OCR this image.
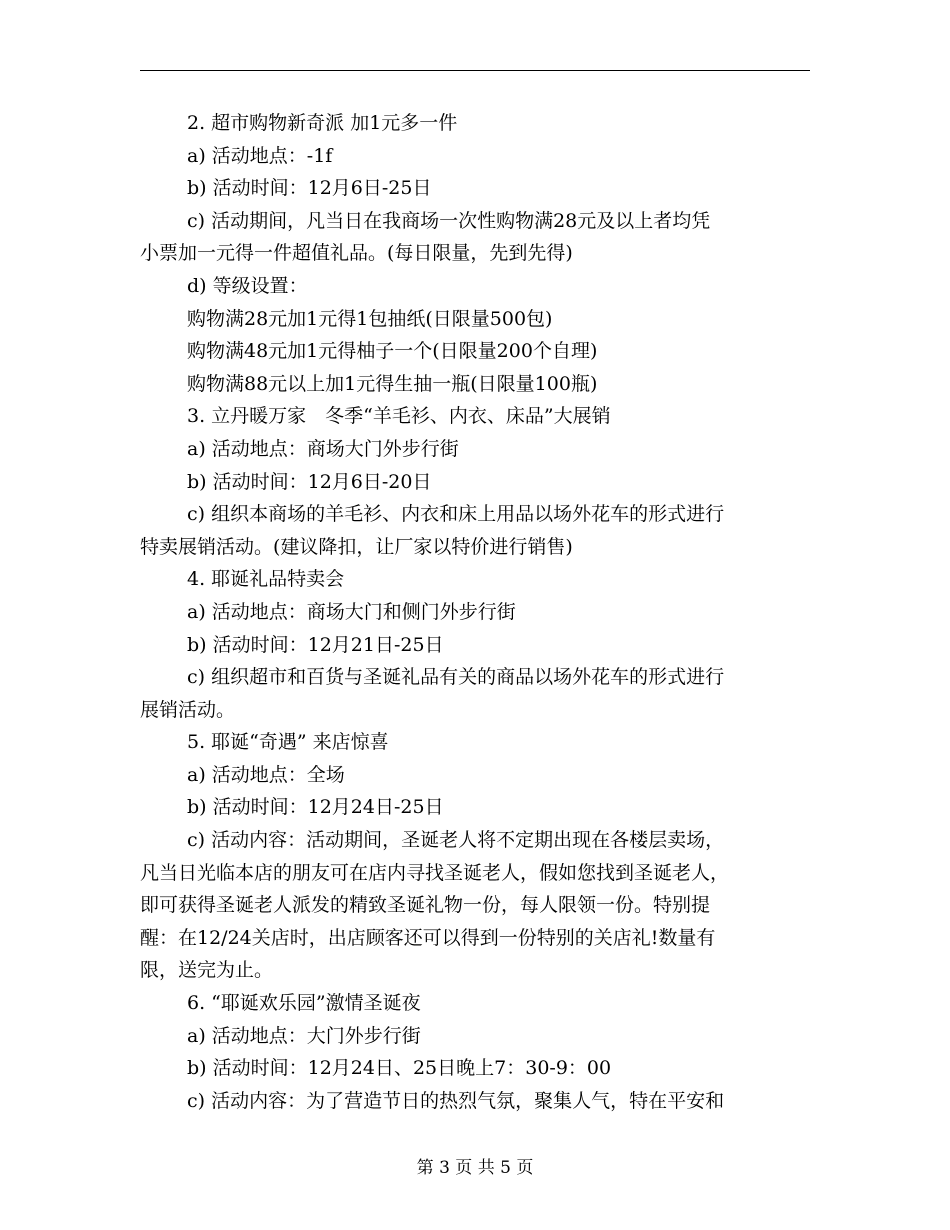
2. 超市购物新奇派 加1元多一件
a) 活动地点：-1f
b) 活动时间：12月6日-25日
c) 活动期间，凡当日在我商场一次性购物满28元及以上者均凭
小票加一元得一件超值礼品。(每日限量，先到先得)
d) 等级设置：
购物满28元加1元得1包抽纸(日限量500包)
购物满48元加1元得柚子一个(日限量200个自理)
购物满88元以上加1元得生抽一瓶(日限量100瓶)
3. 立丹暖万家　冬季“羊毛衫、内衣、床品”大展销
a) 活动地点：商场大门外步行街
b) 活动时间：12月6日-20日
c) 组织本商场的羊毛衫、内衣和床上用品以场外花车的形式进行
特卖展销活动。(建议降扣，让厂家以特价进行销售)
4. 耶诞礼品特卖会
a) 活动地点：商场大门和侧门外步行街
b) 活动时间：12月21日-25日
c) 组织超市和百货与圣诞礼品有关的商品以场外花车的形式进行
展销活动。
5. 耶诞“奇遇” 来店惊喜
a) 活动地点：全场
b) 活动时间：12月24日-25日
c) 活动内容：活动期间，圣诞老人将不定期出现在各楼层卖场，
凡当日光临本店的朋友可在店内寻找圣诞老人，假如您找到圣诞老人，
即可获得圣诞老人派发的精致圣诞礼物一份，每人限领一份。特别提
醒：在12/24关店时，出店顾客还可以得到一份特别的关店礼!数量有
限，送完为止。
6. “耶诞欢乐园”激情圣诞夜
a) 活动地点：大门外步行街
b) 活动时间：12月24日、25日晚上7：30-9：00
c) 活动内容：为了营造节日的热烈气氛，聚集人气，特在平安和
第 3 页 共 5 页
